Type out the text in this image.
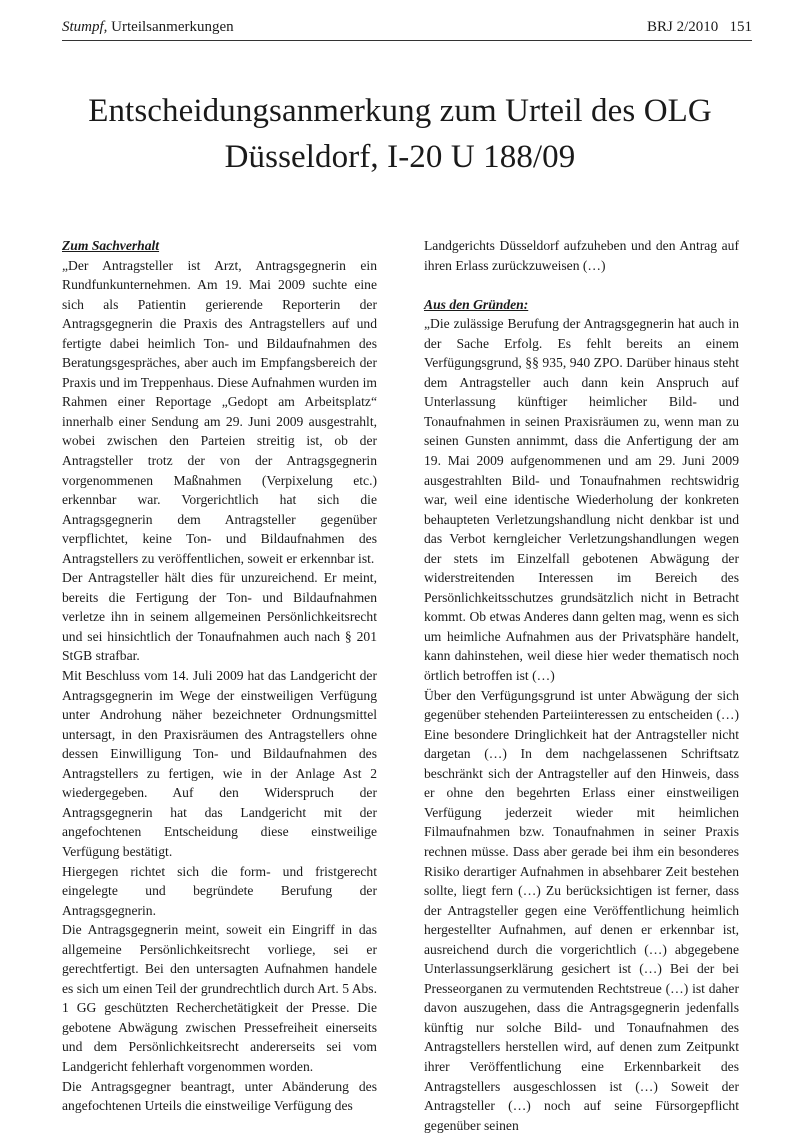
Stumpf, Urteilsanmerkungen	BRJ 2/2010 151
Entscheidungsanmerkung zum Urteil des OLG
Düsseldorf, I-20 U 188/09
Zum Sachverhalt

„Der Antragsteller ist Arzt, Antragsgegnerin ein Rundfunkunternehmen. Am 19. Mai 2009 suchte eine sich als Patientin gerierende Reporterin der Antragsgegnerin die Praxis des Antragstellers auf und fertigte dabei heimlich Ton- und Bildaufnahmen des Beratungsgespräches, aber auch im Empfangsbereich der Praxis und im Treppenhaus. Diese Aufnahmen wurden im Rahmen einer Reportage „Gedopt am Arbeitsplatz“ innerhalb einer Sendung am 29. Juni 2009 ausgestrahlt, wobei zwischen den Parteien streitig ist, ob der Antragsteller trotz der von der Antragsgegnerin vorgenommenen Maßnahmen (Verpixelung etc.) erkennbar war. Vorgerichtlich hat sich die Antragsgegnerin dem Antragsteller gegenüber verpflichtet, keine Ton- und Bildaufnahmen des Antragstellers zu veröffentlichen, soweit er erkennbar ist.

Der Antragsteller hält dies für unzureichend. Er meint, bereits die Fertigung der Ton- und Bildaufnahmen verletze ihn in seinem allgemeinen Persönlichkeitsrecht und sei hinsichtlich der Tonaufnahmen auch nach § 201 StGB strafbar.

Mit Beschluss vom 14. Juli 2009 hat das Landgericht der Antragsgegnerin im Wege der einstweiligen Verfügung unter Androhung näher bezeichneter Ordnungsmittel untersagt, in den Praxisräumen des Antragstellers ohne dessen Einwilligung Ton- und Bildaufnahmen des Antragstellers zu fertigen, wie in der Anlage Ast 2 wiedergegeben. Auf den Widerspruch der Antragsgegnerin hat das Landgericht mit der angefochtenen Entscheidung diese einstweilige Verfügung bestätigt.

Hiergegen richtet sich die form- und fristgerecht eingelegte und begründete Berufung der Antragsgegnerin.

Die Antragsgegnerin meint, soweit ein Eingriff in das allgemeine Persönlichkeitsrecht vorliege, sei er gerechtfertigt. Bei den untersagten Aufnahmen handele es sich um einen Teil der grundrechtlich durch Art. 5 Abs. 1 GG geschützten Recherchetätigkeit der Presse. Die gebotene Abwägung zwischen Pressefreiheit einerseits und dem Persönlichkeitsrecht andererseits sei vom Landgericht fehlerhaft vorgenommen worden.

Die Antragsgegner beantragt, unter Abänderung des angefochtenen Urteils die einstweilige Verfügung des

Landgerichts Düsseldorf aufzuheben und den Antrag auf ihren Erlass zurückzuweisen (…)

Aus den Gründen:

„Die zulässige Berufung der Antragsgegnerin hat auch in der Sache Erfolg. Es fehlt bereits an einem Verfügungsgrund, §§ 935, 940 ZPO. Darüber hinaus steht dem Antragsteller auch dann kein Anspruch auf Unterlassung künftiger heimlicher Bild- und Tonaufnahmen in seinen Praxisräumen zu, wenn man zu seinen Gunsten annimmt, dass die Anfertigung der am 19. Mai 2009 aufgenommenen und am 29. Juni 2009 ausgestrahlten Bild- und Tonaufnahmen rechtswidrig war, weil eine identische Wiederholung der konkreten behaupteten Verletzungshandlung nicht denkbar ist und das Verbot kerngleicher Verletzungshandlungen wegen der stets im Einzelfall gebotenen Abwägung der widerstreitenden Interessen im Bereich des Persönlichkeitsschutzes grundsätzlich nicht in Betracht kommt. Ob etwas Anderes dann gelten mag, wenn es sich um heimliche Aufnahmen aus der Privatsphäre handelt, kann dahinstehen, weil diese hier weder thematisch noch örtlich betroffen ist (…)

Über den Verfügungsgrund ist unter Abwägung der sich gegenüber stehenden Parteiinteressen zu entscheiden (…) Eine besondere Dringlichkeit hat der Antragsteller nicht dargetan (…) In dem nachgelassenen Schriftsatz beschränkt sich der Antragsteller auf den Hinweis, dass er ohne den begehrten Erlass einer einstweiligen Verfügung jederzeit wieder mit heimlichen Filmaufnahmen bzw. Tonaufnahmen in seiner Praxis rechnen müsse. Dass aber gerade bei ihm ein besonderes Risiko derartiger Aufnahmen in absehbarer Zeit bestehen sollte, liegt fern (…) Zu berücksichtigen ist ferner, dass der Antragsteller gegen eine Veröffentlichung heimlich hergestellter Aufnahmen, auf denen er erkennbar ist, ausreichend durch die vorgerichtlich (…) abgegebene Unterlassungserklärung gesichert ist (…) Bei der bei Presseorganen zu vermutenden Rechtstreue (…) ist daher davon auszugehen, dass die Antragsgegnerin jedenfalls künftig nur solche Bild- und Tonaufnahmen des Antragstellers herstellen wird, auf denen zum Zeitpunkt ihrer Veröffentlichung eine Erkennbarkeit des Antragstellers ausgeschlossen ist (…) Soweit der Antragsteller (…) noch auf seine Fürsorgepflicht gegenüber seinen
